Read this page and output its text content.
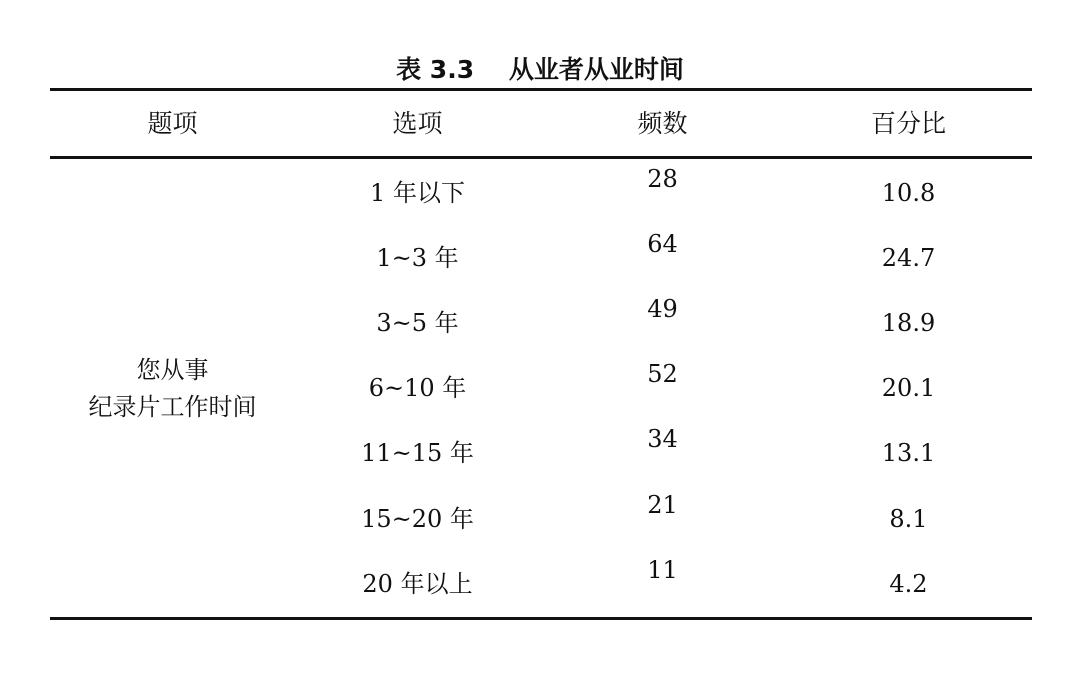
表 3.3    从业者从业时间
题项	选项	频数	百分比
您从事
纪录片工作时间
1 年以下	28	10.8
1~3 年	64	24.7
3~5 年	49	18.9
6~10 年	52	20.1
11~15 年	34	13.1
15~20 年	21	8.1
20 年以上	11	4.2
